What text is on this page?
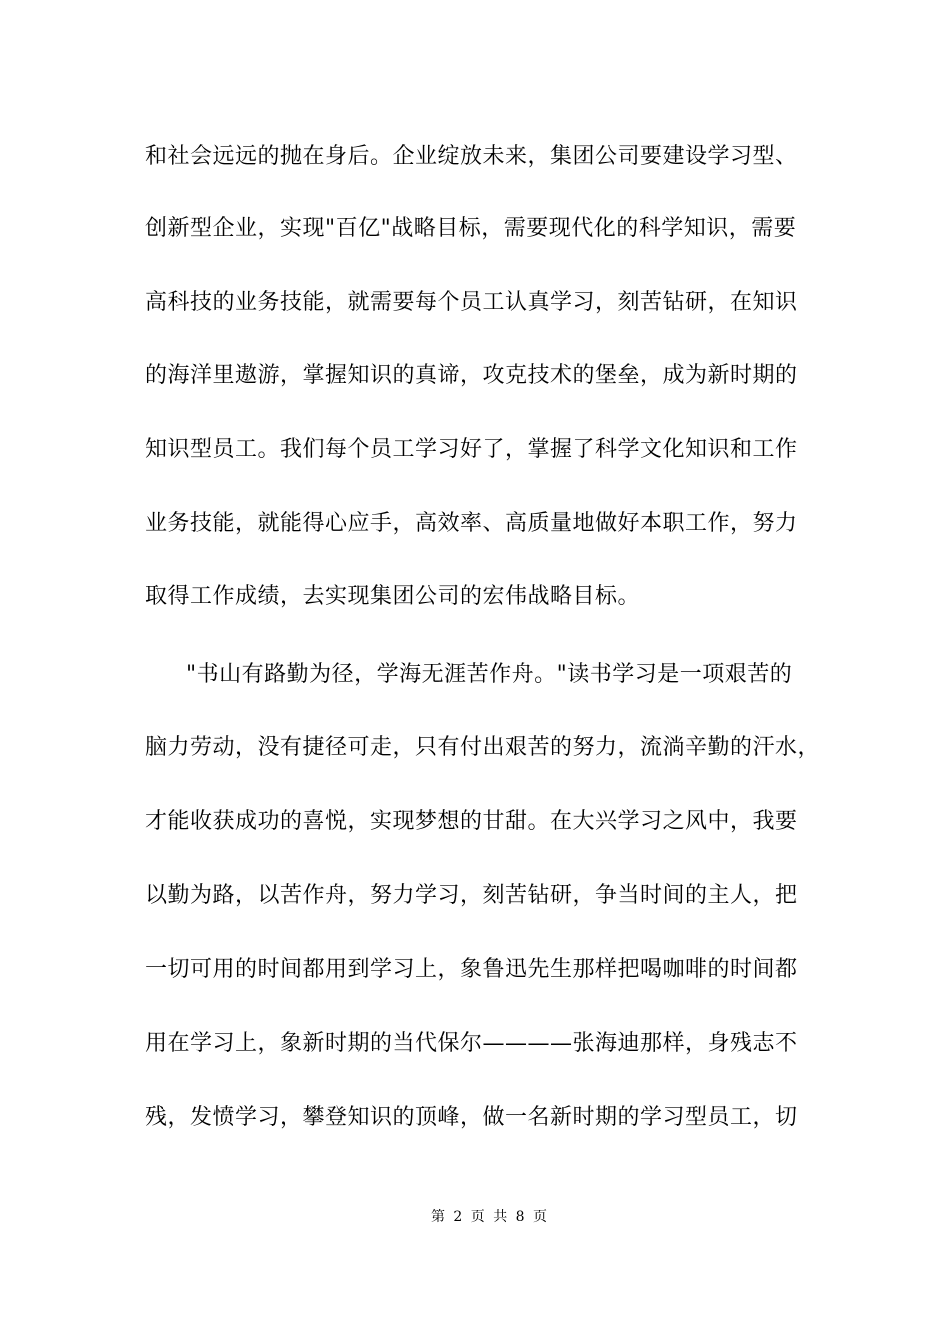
和社会远远的抛在身后。企业绽放未来，集团公司要建设学习型、
创新型企业，实现"百亿"战略目标，需要现代化的科学知识，需要
高科技的业务技能，就需要每个员工认真学习，刻苦钻研，在知识
的海洋里遨游，掌握知识的真谛，攻克技术的堡垒，成为新时期的
知识型员工。我们每个员工学习好了，掌握了科学文化知识和工作
业务技能，就能得心应手，高效率、高质量地做好本职工作，努力
取得工作成绩，去实现集团公司的宏伟战略目标。
"书山有路勤为径，学海无涯苦作舟。"读书学习是一项艰苦的
脑力劳动，没有捷径可走，只有付出艰苦的努力，流淌辛勤的汗水，
才能收获成功的喜悦，实现梦想的甘甜。在大兴学习之风中，我要
以勤为路，以苦作舟，努力学习，刻苦钻研，争当时间的主人，把
一切可用的时间都用到学习上，象鲁迅先生那样把喝咖啡的时间都
用在学习上，象新时期的当代保尔————张海迪那样，身残志不
残，发愤学习，攀登知识的顶峰，做一名新时期的学习型员工，切
第 2 页 共 8 页
